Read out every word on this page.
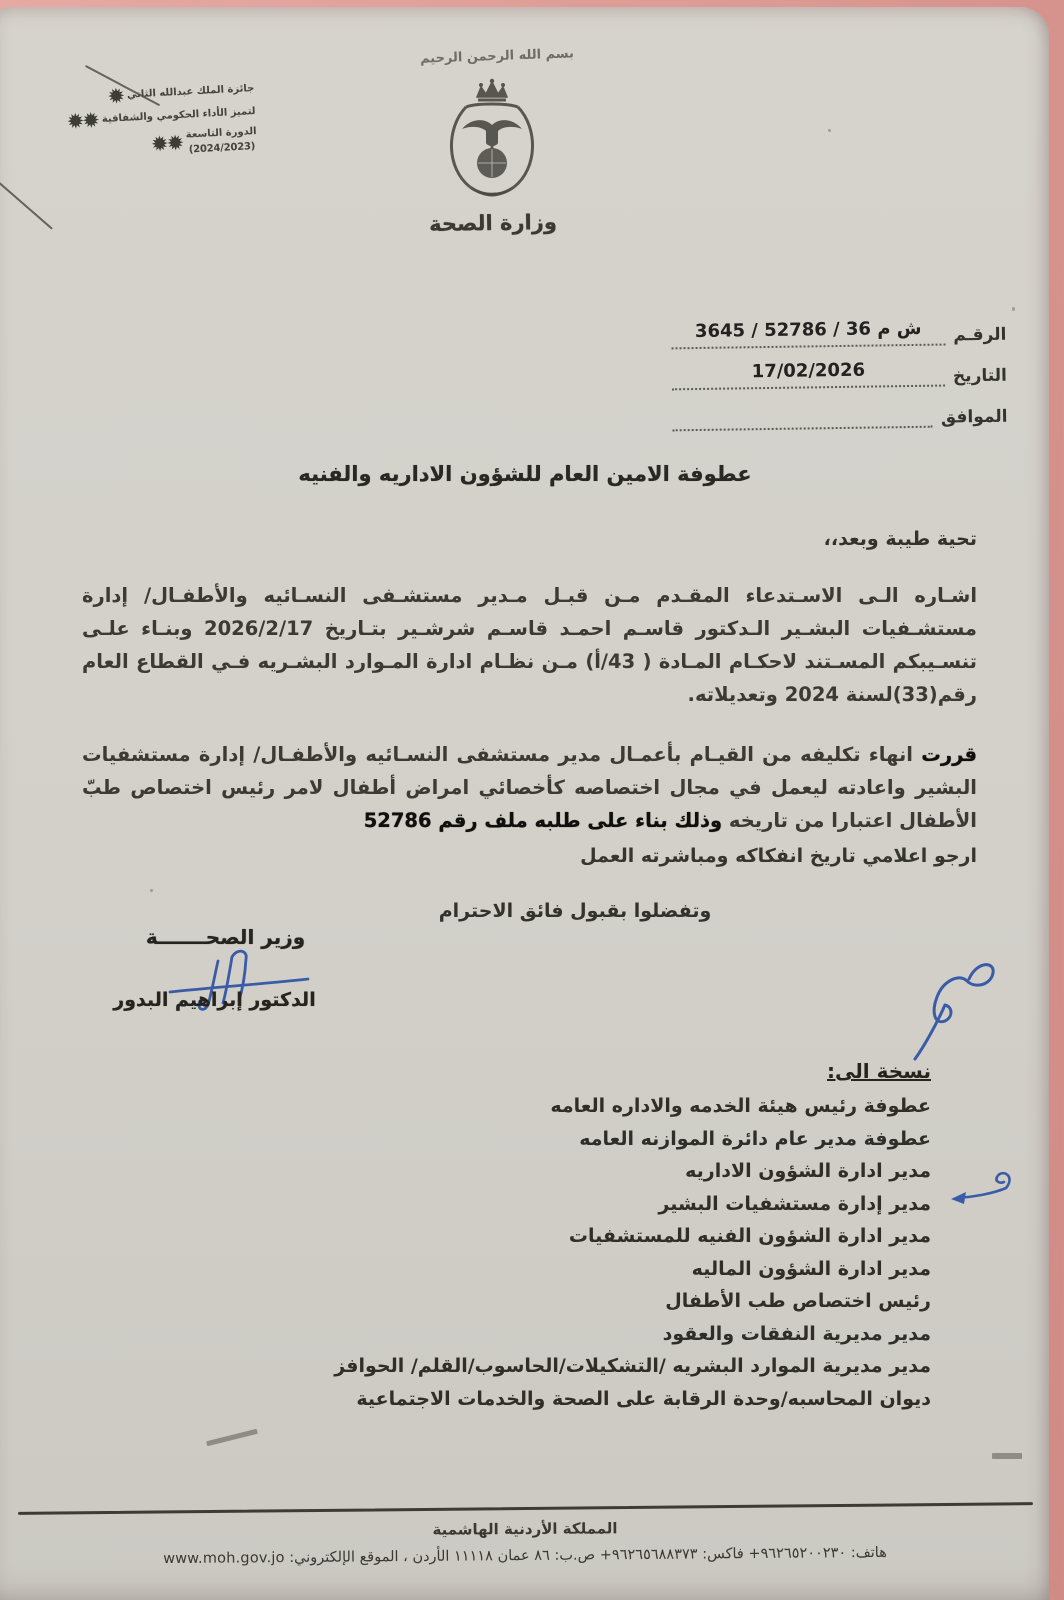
جائزة الملك عبدالله الثاني
✹
لتميز الأداء الحكومي والشفافية
✹✹	الدورة التاسعة
(2024/2023)
✹✹
بسم الله الرحمن الرحيم
وزارة الصحة
الرقـم
ش م 36 / 52786 / 3645
التاريخ
17/02/2026
الموافق
عطوفة الامين العام للشؤون الاداريه والفنيه
تحية طيبة وبعد،،

اشـاره الـى الاسـتدعاء المقـدم مـن قبـل مـدير مستشـفى النسـائيه والأطفـال/ إدارة مستشـفيات البشـير الـدكتور قاسـم احمـد قاسـم شرشـير بتـاريخ 2026/2/17 وبنـاء علـى تنسـيبكم المسـتند لاحكـام المـادة ( 43/أ) مـن نظـام ادارة المـوارد البشـريه فـي القطاع العام رقم(33)لسنة 2024 وتعديلاته.

قررت انهاء تكليفه من القيـام بأعمـال مدير مستشفى النسـائيه والأطفـال/ إدارة مستشفيات البشير واعادته ليعمل في مجال اختصاصه كأخصائي امراض أطفال لامر رئيس اختصاص طبّ الأطفال اعتبارا من تاريخه وذلك بناء على طلبه ملف رقم 52786

ارجو اعلامي تاريخ انفكاكه ومباشرته العمل
وتفضلوا بقبول فائق الاحترام
وزير الصحـــــــة
الدكتور إبراهيم البدور
نسخة الى:
عطوفة رئيس هيئة الخدمه والاداره العامه
عطوفة مدير عام دائرة الموازنه العامه
مدير ادارة الشؤون الاداريه
مدير إدارة مستشفيات البشير
مدير ادارة الشؤون الفنيه للمستشفيات
مدير ادارة الشؤون الماليه
رئيس اختصاص طب الأطفال
مدير مديرية النفقات والعقود
مدير مديرية الموارد البشريه /التشكيلات/الحاسوب/القلم/ الحوافز
ديوان المحاسبه/وحدة الرقابة على الصحة والخدمات الاجتماعية
المملكة الأردنية الهاشمية
هاتف: ٩٦٢٦٥٢٠٠٢٣٠+ فاكس: ٩٦٢٦٥٦٨٨٣٧٣+ ص.ب: ٨٦ عمان ١١١١٨ الأردن ، الموقع الإلكتروني: www.moh.gov.jo
